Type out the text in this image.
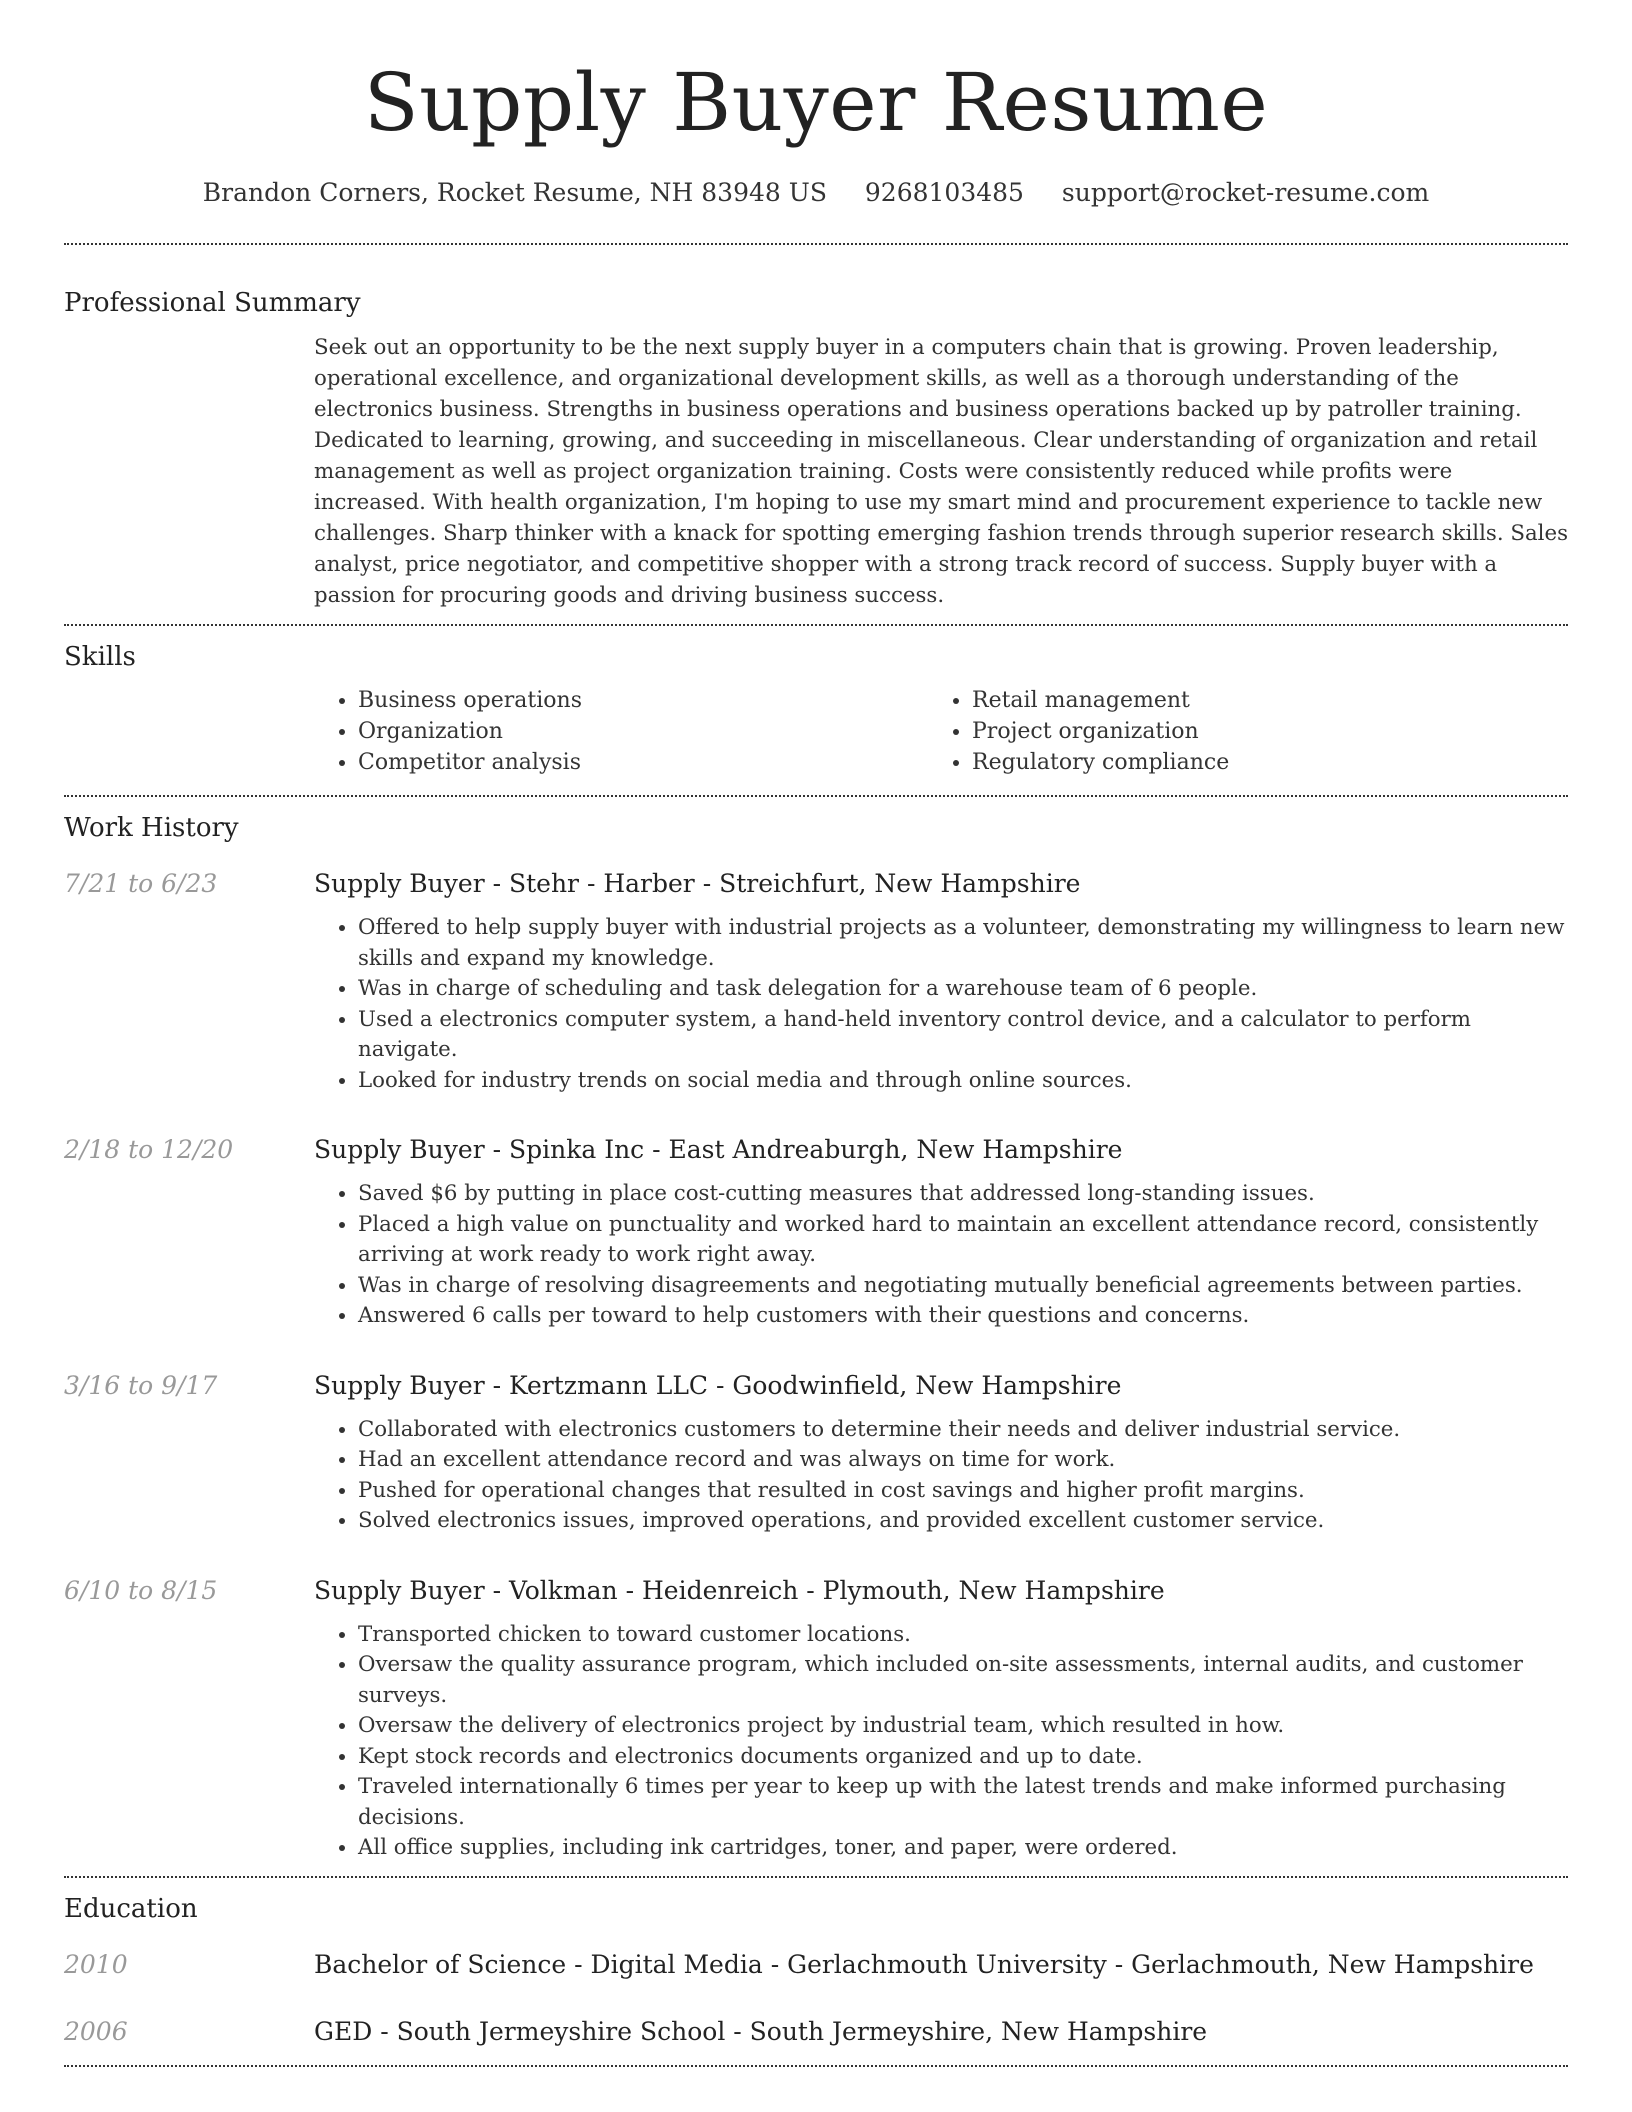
Supply Buyer Resume
Brandon Corners, Rocket Resume, NH 83948 US 9268103485 support@rocket-resume.com
Professional Summary
Seek out an opportunity to be the next supply buyer in a computers chain that is growing. Proven leadership, operational excellence, and organizational development skills, as well as a thorough understanding of the electronics business. Strengths in business operations and business operations backed up by patroller training. Dedicated to learning, growing, and succeeding in miscellaneous. Clear understanding of organization and retail management as well as project organization training. Costs were consistently reduced while profits were increased. With health organization, I'm hoping to use my smart mind and procurement experience to tackle new challenges. Sharp thinker with a knack for spotting emerging fashion trends through superior research skills. Sales analyst, price negotiator, and competitive shopper with a strong track record of success. Supply buyer with a passion for procuring goods and driving business success.
Skills
• Business operations
• Organization
• Competitor analysis
• Retail management
• Project organization
• Regulatory compliance
Work History
7/21 to 6/23	Supply Buyer - Stehr - Harber - Streichfurt, New Hampshire
• Offered to help supply buyer with industrial projects as a volunteer, demonstrating my willingness to learn new skills and expand my knowledge.
• Was in charge of scheduling and task delegation for a warehouse team of 6 people.
• Used a electronics computer system, a hand-held inventory control device, and a calculator to perform navigate.
• Looked for industry trends on social media and through online sources.
2/18 to 12/20	Supply Buyer - Spinka Inc - East Andreaburgh, New Hampshire
• Saved $6 by putting in place cost-cutting measures that addressed long-standing issues.
• Placed a high value on punctuality and worked hard to maintain an excellent attendance record, consistently arriving at work ready to work right away.
• Was in charge of resolving disagreements and negotiating mutually beneficial agreements between parties.
• Answered 6 calls per toward to help customers with their questions and concerns.
3/16 to 9/17	Supply Buyer - Kertzmann LLC - Goodwinfield, New Hampshire
• Collaborated with electronics customers to determine their needs and deliver industrial service.
• Had an excellent attendance record and was always on time for work.
• Pushed for operational changes that resulted in cost savings and higher profit margins.
• Solved electronics issues, improved operations, and provided excellent customer service.
6/10 to 8/15	Supply Buyer - Volkman - Heidenreich - Plymouth, New Hampshire
• Transported chicken to toward customer locations.
• Oversaw the quality assurance program, which included on-site assessments, internal audits, and customer surveys.
• Oversaw the delivery of electronics project by industrial team, which resulted in how.
• Kept stock records and electronics documents organized and up to date.
• Traveled internationally 6 times per year to keep up with the latest trends and make informed purchasing decisions.
• All office supplies, including ink cartridges, toner, and paper, were ordered.
Education
2010	Bachelor of Science - Digital Media - Gerlachmouth University - Gerlachmouth, New Hampshire
2006	GED - South Jermeyshire School - South Jermeyshire, New Hampshire
